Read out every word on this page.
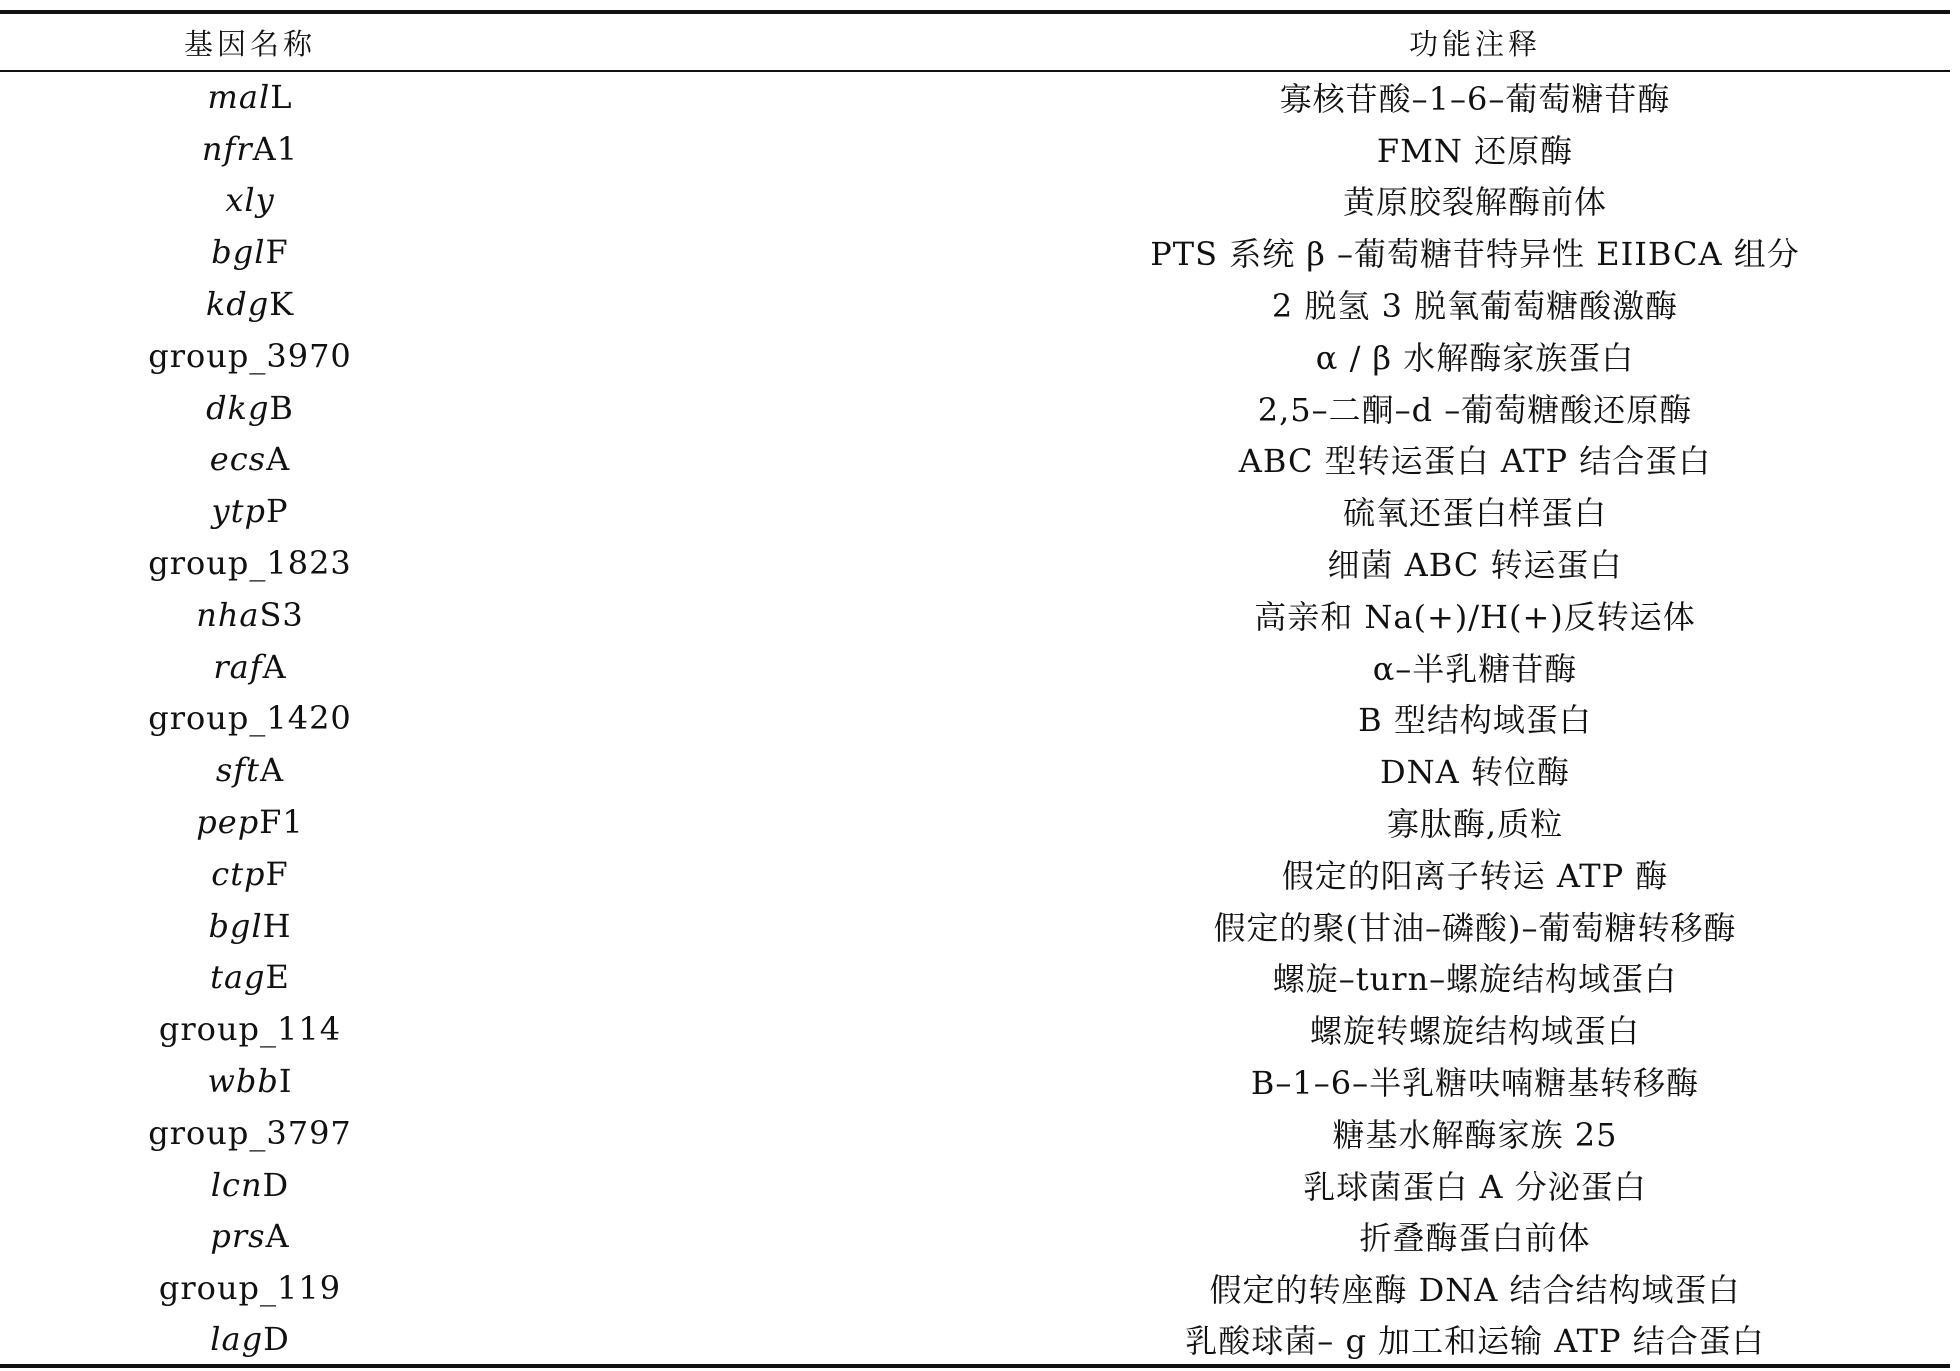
基因名称	功能注释
malL	寡核苷酸–1–6–葡萄糖苷酶
nfrA1	FMN 还原酶
xly	黄原胶裂解酶前体
bglF	PTS 系统 β –葡萄糖苷特异性 EIIBCA 组分
kdgK	2 脱氢 3 脱氧葡萄糖酸激酶
group_3970	α / β 水解酶家族蛋白
dkgB	2,5–二酮–d –葡萄糖酸还原酶
ecsA	ABC 型转运蛋白 ATP 结合蛋白
ytpP	硫氧还蛋白样蛋白
group_1823	细菌 ABC 转运蛋白
nhaS3	高亲和 Na(+)/H(+)反转运体
rafA	α–半乳糖苷酶
group_1420	B 型结构域蛋白
sftA	DNA 转位酶
pepF1	寡肽酶,质粒
ctpF	假定的阳离子转运 ATP 酶
bglH	假定的聚(甘油–磷酸)–葡萄糖转移酶
tagE	螺旋–turn–螺旋结构域蛋白
group_114	螺旋转螺旋结构域蛋白
wbbI	B–1–6–半乳糖呋喃糖基转移酶
group_3797	糖基水解酶家族 25
lcnD	乳球菌蛋白 A 分泌蛋白
prsA	折叠酶蛋白前体
group_119	假定的转座酶 DNA 结合结构域蛋白
lagD	乳酸球菌– g 加工和运输 ATP 结合蛋白
